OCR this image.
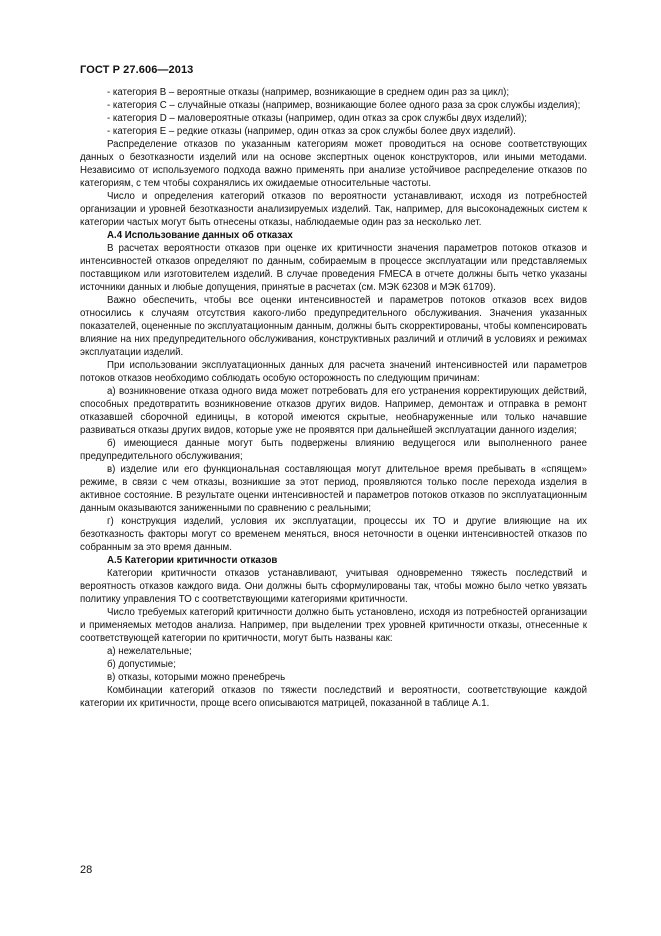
ГОСТ Р 27.606—2013

- категория В – вероятные отказы (например, возникающие в среднем один раз за цикл);

- категория С – случайные отказы (например, возникающие более одного раза за срок службы изделия);

- категория D – маловероятные отказы (например, один отказ за срок службы двух изделий);

- категория Е – редкие отказы (например, один отказ за срок службы более двух изделий).

Распределение отказов по указанным категориям может проводиться на основе соответствующих данных о безотказности изделий или на основе экспертных оценок конструкторов, или иными методами. Независимо от используемого подхода важно применять при анализе устойчивое распределение отказов по категориям, с тем чтобы сохранялись их ожидаемые относительные частоты.

Число и определения категорий отказов по вероятности устанавливают, исходя из потребностей организации и уровней безотказности анализируемых изделий. Так, например, для высоконадежных систем к категории частых могут быть отнесены отказы, наблюдаемые один раз за несколько лет.

А.4 Использование данных об отказах

В расчетах вероятности отказов при оценке их критичности значения параметров потоков отказов и интенсивностей отказов определяют по данным, собираемым в процессе эксплуатации или представляемых поставщиком или изготовителем изделий. В случае проведения FMECA в отчете должны быть четко указаны источники данных и любые допущения, принятые в расчетах (см. МЭК 62308 и МЭК 61709).

Важно обеспечить, чтобы все оценки интенсивностей и параметров потоков отказов всех видов относились к случаям отсутствия какого-либо предупредительного обслуживания. Значения указанных показателей, оцененные по эксплуатационным данным, должны быть скорректированы, чтобы компенсировать влияние на них предупредительного обслуживания, конструктивных различий и отличий в условиях и режимах эксплуатации изделий.

При использовании эксплуатационных данных для расчета значений интенсивностей или параметров потоков отказов необходимо соблюдать особую осторожность по следующим причинам:

а) возникновение отказа одного вида может потребовать для его устранения корректирующих действий, способных предотвратить возникновение отказов других видов. Например, демонтаж и отправка в ремонт отказавшей сборочной единицы, в которой имеются скрытые, необнаруженные или только начавшие развиваться отказы других видов, которые уже не проявятся при дальнейшей эксплуатации данного изделия;

б) имеющиеся данные могут быть подвержены влиянию ведущегося или выполненного ранее предупредительного обслуживания;

в) изделие или его функциональная составляющая могут длительное время пребывать в «спящем» режиме, в связи с чем отказы, возникшие за этот период, проявляются только после перехода изделия в активное состояние. В результате оценки интенсивностей и параметров потоков отказов по эксплуатационным данным оказываются заниженными по сравнению с реальными;

г) конструкция изделий, условия их эксплуатации, процессы их ТО и другие влияющие на их безотказность факторы могут со временем меняться, внося неточности в оценки интенсивностей отказов по собранным за это время данным.

А.5 Категории критичности отказов

Категории критичности отказов устанавливают, учитывая одновременно тяжесть последствий и вероятность отказов каждого вида. Они должны быть сформулированы так, чтобы можно было четко увязать политику управления ТО с соответствующими категориями критичности.

Число требуемых категорий критичности должно быть установлено, исходя из потребностей организации и применяемых методов анализа. Например, при выделении трех уровней критичности отказы, отнесенные к соответствующей категории по критичности, могут быть названы как:

а) нежелательные;

б) допустимые;

в) отказы, которыми можно пренебречь

Комбинации категорий отказов по тяжести последствий и вероятности, соответствующие каждой категории их критичности, проще всего описываются матрицей, показанной в таблице А.1.

28
